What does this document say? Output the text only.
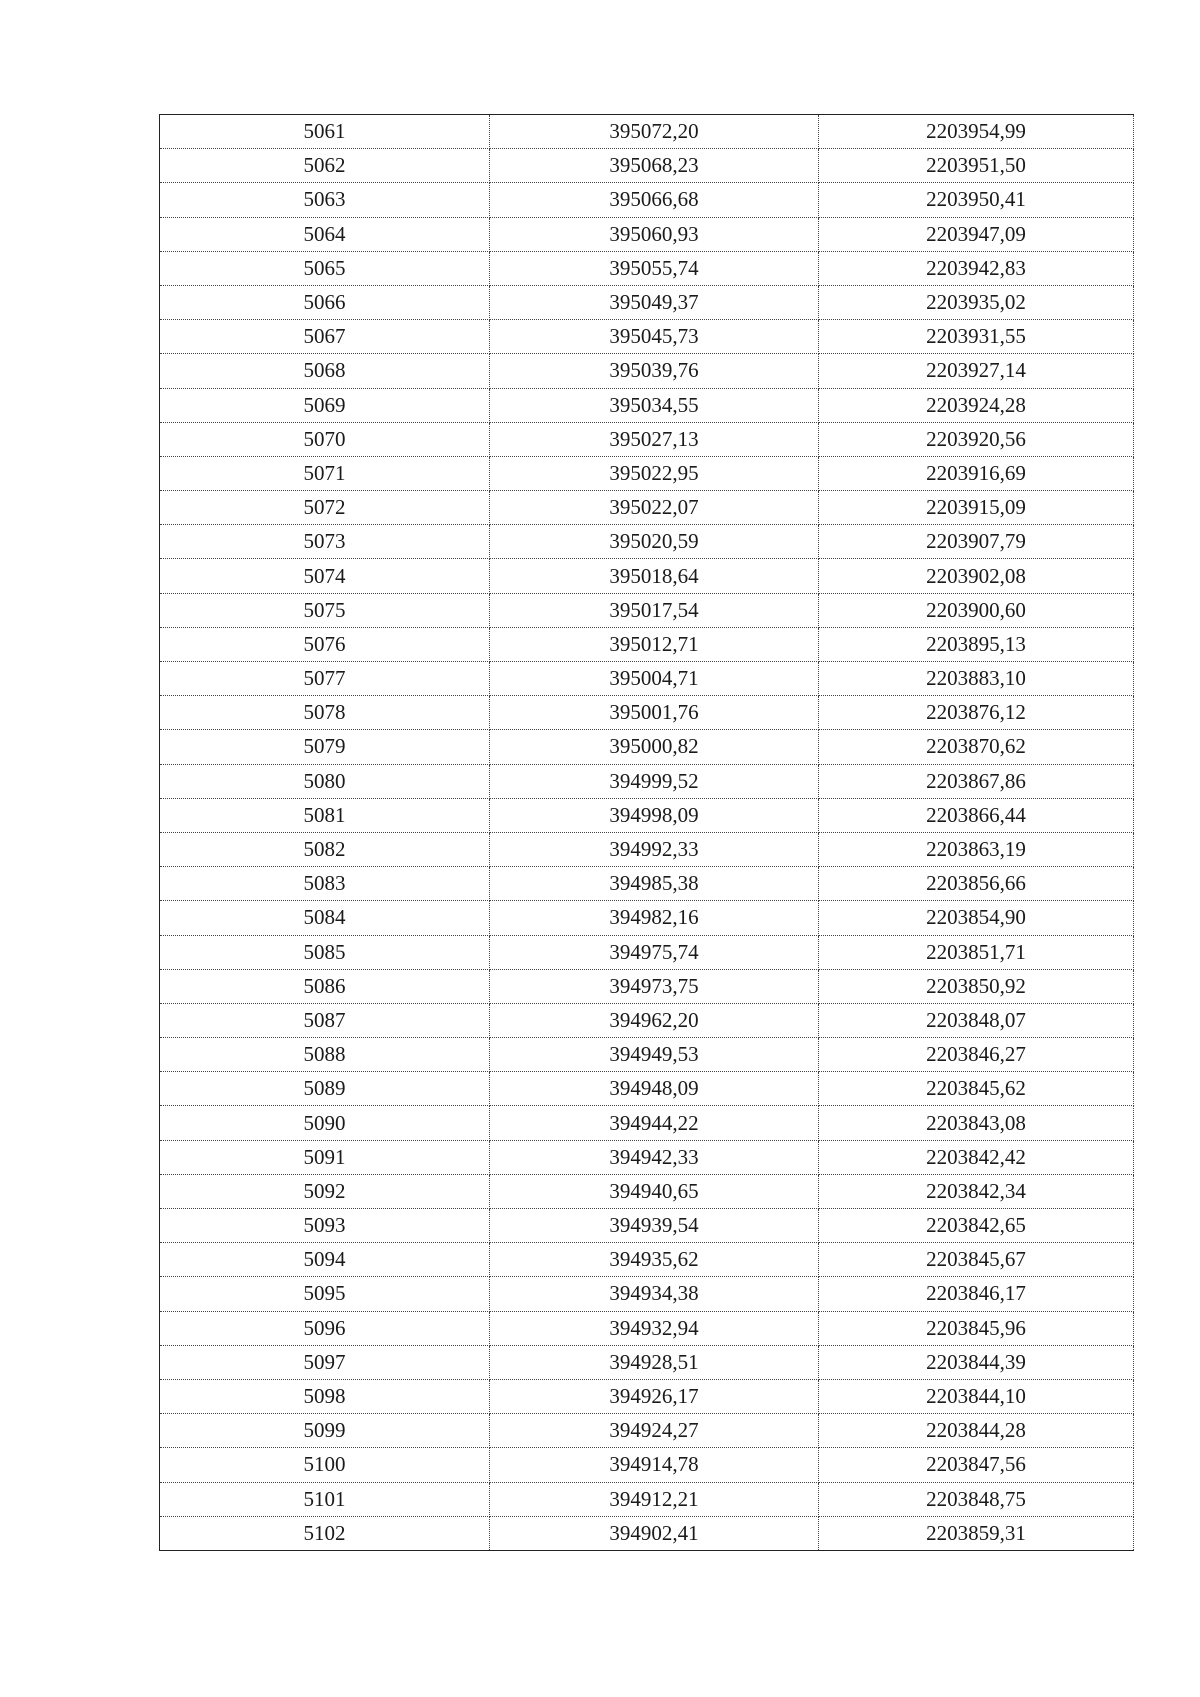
5061	395072,20	2203954,99
5062	395068,23	2203951,50
5063	395066,68	2203950,41
5064	395060,93	2203947,09
5065	395055,74	2203942,83
5066	395049,37	2203935,02
5067	395045,73	2203931,55
5068	395039,76	2203927,14
5069	395034,55	2203924,28
5070	395027,13	2203920,56
5071	395022,95	2203916,69
5072	395022,07	2203915,09
5073	395020,59	2203907,79
5074	395018,64	2203902,08
5075	395017,54	2203900,60
5076	395012,71	2203895,13
5077	395004,71	2203883,10
5078	395001,76	2203876,12
5079	395000,82	2203870,62
5080	394999,52	2203867,86
5081	394998,09	2203866,44
5082	394992,33	2203863,19
5083	394985,38	2203856,66
5084	394982,16	2203854,90
5085	394975,74	2203851,71
5086	394973,75	2203850,92
5087	394962,20	2203848,07
5088	394949,53	2203846,27
5089	394948,09	2203845,62
5090	394944,22	2203843,08
5091	394942,33	2203842,42
5092	394940,65	2203842,34
5093	394939,54	2203842,65
5094	394935,62	2203845,67
5095	394934,38	2203846,17
5096	394932,94	2203845,96
5097	394928,51	2203844,39
5098	394926,17	2203844,10
5099	394924,27	2203844,28
5100	394914,78	2203847,56
5101	394912,21	2203848,75
5102	394902,41	2203859,31
